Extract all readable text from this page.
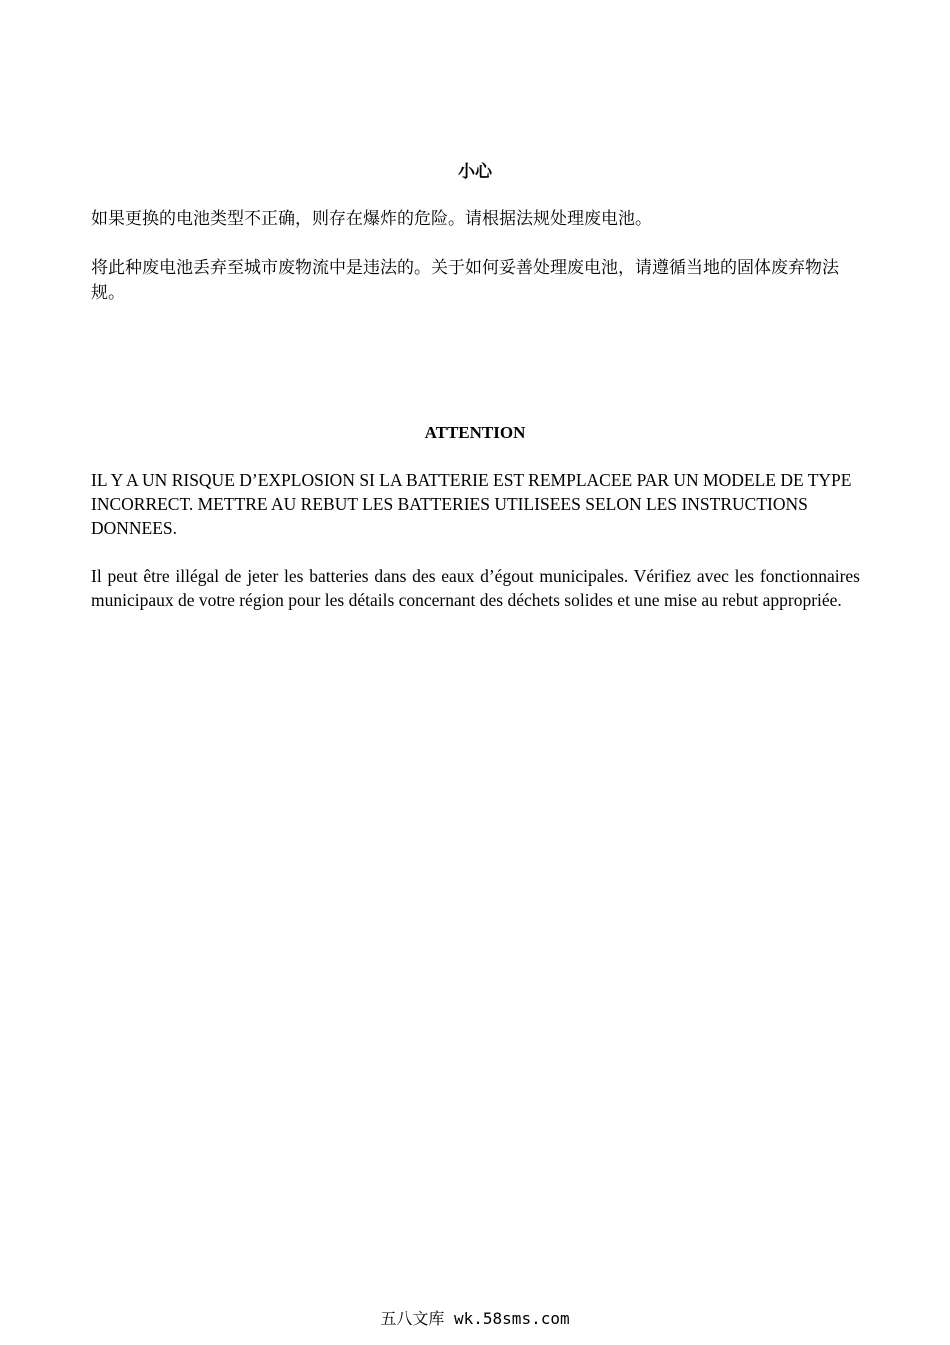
小心

如果更换的电池类型不正确，则存在爆炸的危险。请根据法规处理废电池。

将此种废电池丢弃至城市废物流中是违法的。关于如何妥善处理废电池，请遵循当地的固体废弃物法规。

ATTENTION

IL Y A UN RISQUE D’EXPLOSION SI LA BATTERIE EST REMPLACEE PAR UN MODELE DE TYPE INCORRECT. METTRE AU REBUT LES BATTERIES UTILISEES SELON LES INSTRUCTIONS DONNEES.

Il peut être illégal de jeter les batteries dans des eaux d’égout municipales. Vérifiez avec les fonctionnaires municipaux de votre région pour les détails concernant des déchets solides et une mise au rebut appropriée.

五八文库 wk.58sms.com
